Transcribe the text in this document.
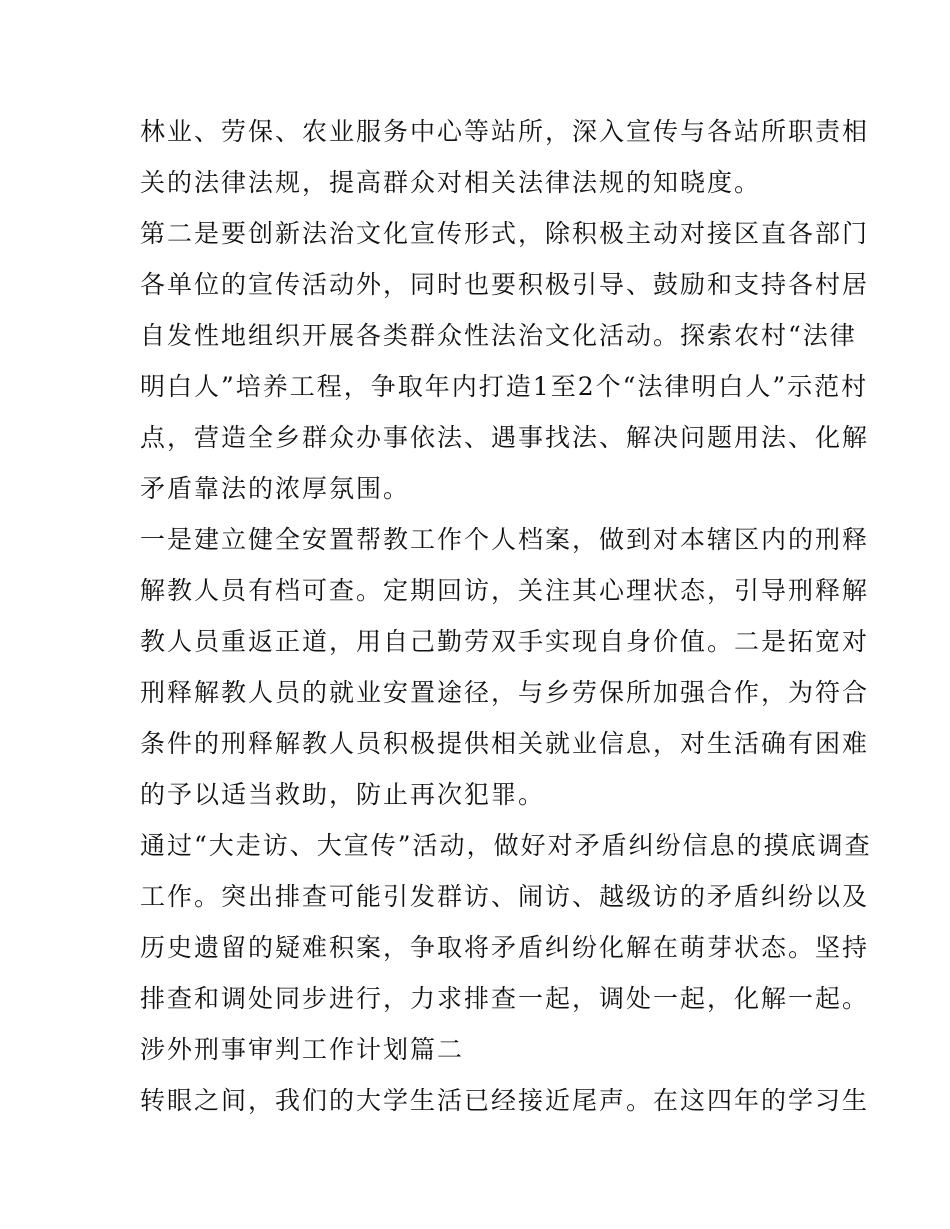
林业、劳保、农业服务中心等站所，深入宣传与各站所职责相
关的法律法规，提高群众对相关法律法规的知晓度。
第二是要创新法治文化宣传形式，除积极主动对接区直各部门
各单位的宣传活动外，同时也要积极引导、鼓励和支持各村居
自发性地组织开展各类群众性法治文化活动。探索农村“法律
明白人”培养工程，争取年内打造1至2个“法律明白人”示范村
点，营造全乡群众办事依法、遇事找法、解决问题用法、化解
矛盾靠法的浓厚氛围。
一是建立健全安置帮教工作个人档案，做到对本辖区内的刑释
解教人员有档可查。定期回访，关注其心理状态，引导刑释解
教人员重返正道，用自己勤劳双手实现自身价值。二是拓宽对
刑释解教人员的就业安置途径，与乡劳保所加强合作，为符合
条件的刑释解教人员积极提供相关就业信息，对生活确有困难
的予以适当救助，防止再次犯罪。
通过“大走访、大宣传”活动，做好对矛盾纠纷信息的摸底调查
工作。突出排查可能引发群访、闹访、越级访的矛盾纠纷以及
历史遗留的疑难积案，争取将矛盾纠纷化解在萌芽状态。坚持
排查和调处同步进行，力求排查一起，调处一起，化解一起。
涉外刑事审判工作计划篇二
转眼之间，我们的大学生活已经接近尾声。在这四年的学习生
